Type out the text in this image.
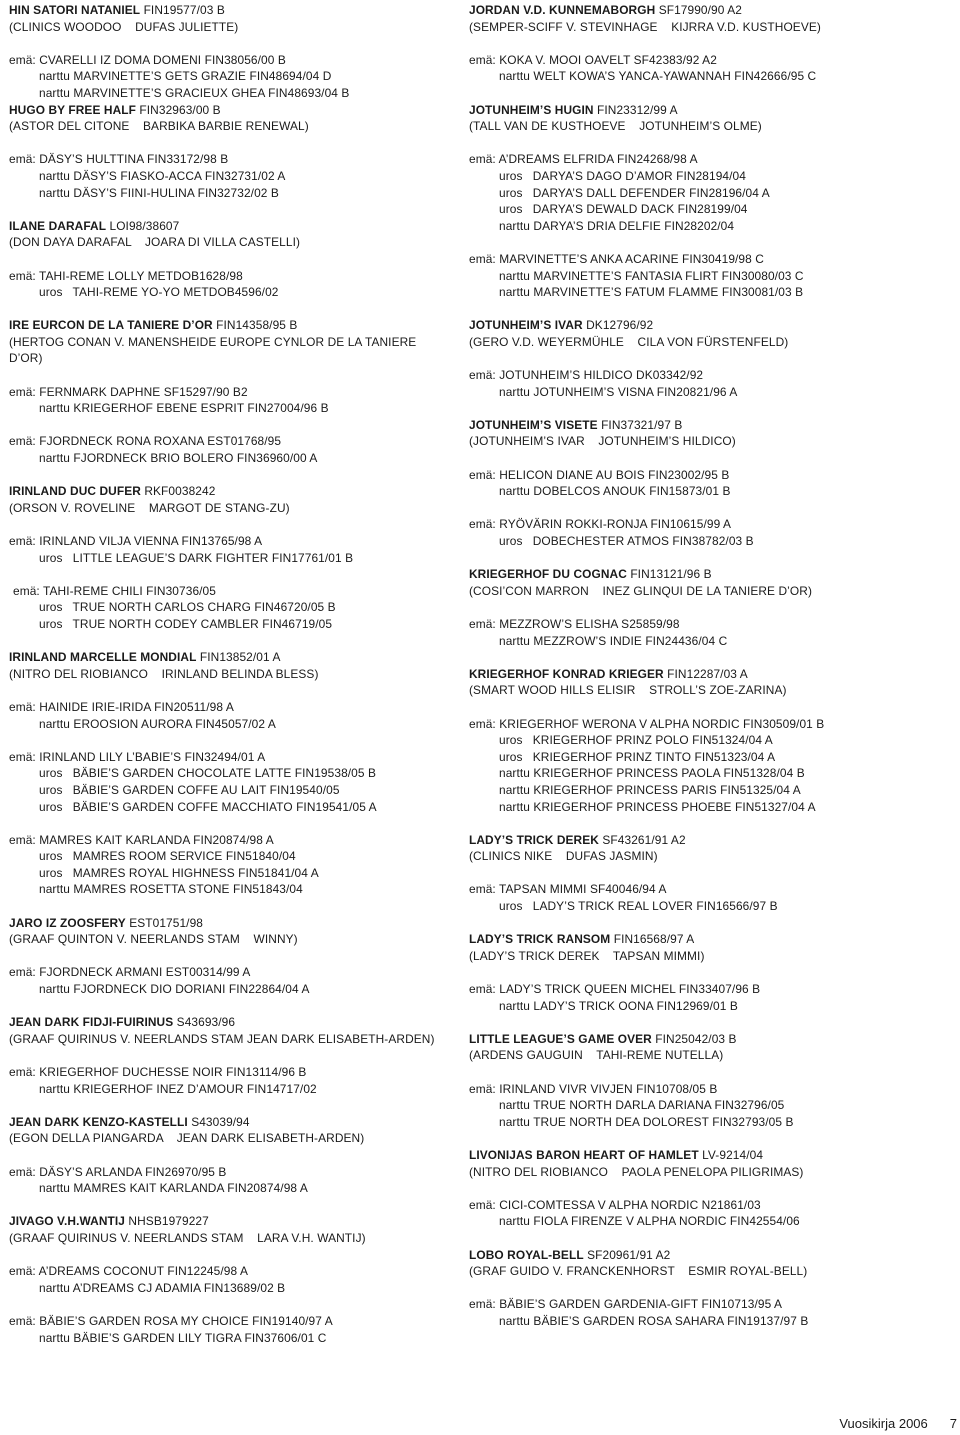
HIN SATORI NATANIEL FIN19577/03 B
(CLINICS WOODOO    DUFAS JULIETTE)

emä: CVARELLI IZ DOMA DOMENI FIN38056/00 B
narttu MARVINETTE’S GETS GRAZIE FIN48694/04 D
narttu MARVINETTE’S GRACIEUX GHEA FIN48693/04 B
HUGO BY FREE HALF FIN32963/00 B
(ASTOR DEL CITONE    BARBIKA BARBIE RENEWAL)

emä: DÄSY’S HULTTINA FIN33172/98 B
narttu DÄSY’S FIASKO-ACCA FIN32731/02 A
narttu DÄSY’S FIINI-HULINA FIN32732/02 B

ILANE DARAFAL LOI98/38607
(DON DAYA DARAFAL    JOARA DI VILLA CASTELLI)

emä: TAHI-REME LOLLY METDOB1628/98
uros   TAHI-REME YO-YO METDOB4596/02

IRE EURCON DE LA TANIERE D’OR FIN14358/95 B
(HERTOG CONAN V. MANENSHEIDE EUROPE CYNLOR DE LA TANIERE D’OR)

emä: FERNMARK DAPHNE SF15297/90 B2
narttu KRIEGERHOF EBENE ESPRIT FIN27004/96 B

emä: FJORDNECK RONA ROXANA EST01768/95
narttu FJORDNECK BRIO BOLERO FIN36960/00 A

IRINLAND DUC DUFER RKF0038242
(ORSON V. ROVELINE    MARGOT DE STANG-ZU)

emä: IRINLAND VILJA VIENNA FIN13765/98 A
uros   LITTLE LEAGUE’S DARK FIGHTER FIN17761/01 B

emä: TAHI-REME CHILI FIN30736/05
uros   TRUE NORTH CARLOS CHARG FIN46720/05 B
uros   TRUE NORTH CODEY CAMBLER FIN46719/05

IRINLAND MARCELLE MONDIAL FIN13852/01 A
(NITRO DEL RIOBIANCO    IRINLAND BELINDA BLESS)

emä: HAINIDE IRIE-IRIDA FIN20511/98 A
narttu EROOSION AURORA FIN45057/02 A

emä: IRINLAND LILY L’BABIE’S FIN32494/01 A
uros   BÄBIE’S GARDEN CHOCOLATE LATTE FIN19538/05 B
uros   BÄBIE’S GARDEN COFFE AU LAIT FIN19540/05
uros   BÄBIE’S GARDEN COFFE MACCHIATO FIN19541/05 A

emä: MAMRES KAIT KARLANDA FIN20874/98 A
uros   MAMRES ROOM SERVICE FIN51840/04
uros   MAMRES ROYAL HIGHNESS FIN51841/04 A
narttu MAMRES ROSETTA STONE FIN51843/04

JARO IZ ZOOSFERY EST01751/98
(GRAAF QUINTON V. NEERLANDS STAM    WINNY)

emä: FJORDNECK ARMANI EST00314/99 A
narttu FJORDNECK DIO DORIANI FIN22864/04 A

JEAN DARK FIDJI-FUIRINUS S43693/96
(GRAAF QUIRINUS V. NEERLANDS STAM JEAN DARK ELISABETH-ARDEN)

emä: KRIEGERHOF DUCHESSE NOIR FIN13114/96 B
narttu KRIEGERHOF INEZ D’AMOUR FIN14717/02

JEAN DARK KENZO-KASTELLI S43039/94
(EGON DELLA PIANGARDA    JEAN DARK ELISABETH-ARDEN)

emä: DÄSY’S ARLANDA FIN26970/95 B
narttu MAMRES KAIT KARLANDA FIN20874/98 A

JIVAGO V.H.WANTIJ NHSB1979227
(GRAAF QUIRINUS V. NEERLANDS STAM    LARA V.H. WANTIJ)

emä: A’DREAMS COCONUT FIN12245/98 A
narttu A’DREAMS CJ ADAMIA FIN13689/02 B

emä: BÄBIE’S GARDEN ROSA MY CHOICE FIN19140/97 A
narttu BÄBIE’S GARDEN LILY TIGRA FIN37606/01 C
JORDAN V.D. KUNNEMABORGH SF17990/90 A2
(SEMPER-SCIFF V. STEVINHAGE    KIJRRA V.D. KUSTHOEVE)

emä: KOKA V. MOOI OAVELT SF42383/92 A2
narttu WELT KOWA’S YANCA-YAWANNAH FIN42666/95 C

JOTUNHEIM’S HUGIN FIN23312/99 A
(TALL VAN DE KUSTHOEVE    JOTUNHEIM’S OLME)

emä: A’DREAMS ELFRIDA FIN24268/98 A
uros   DARYA’S DAGO D’AMOR FIN28194/04
uros   DARYA’S DALL DEFENDER FIN28196/04 A
uros   DARYA’S DEWALD DACK FIN28199/04
narttu DARYA’S DRIA DELFIE FIN28202/04

emä: MARVINETTE’S ANKA ACARINE FIN30419/98 C
narttu MARVINETTE’S FANTASIA FLIRT FIN30080/03 C
narttu MARVINETTE’S FATUM FLAMME FIN30081/03 B

JOTUNHEIM’S IVAR DK12796/92
(GERO V.D. WEYERMÜHLE    CILA VON FÜRSTENFELD)

emä: JOTUNHEIM’S HILDICO DK03342/92
narttu JOTUNHEIM’S VISNA FIN20821/96 A

JOTUNHEIM’S VISETE FIN37321/97 B
(JOTUNHEIM’S IVAR    JOTUNHEIM’S HILDICO)

emä: HELICON DIANE AU BOIS FIN23002/95 B
narttu DOBELCOS ANOUK FIN15873/01 B

emä: RYÖVÄRIN ROKKI-RONJA FIN10615/99 A
uros   DOBECHESTER ATMOS FIN38782/03 B

KRIEGERHOF DU COGNAC FIN13121/96 B
(COSI’CON MARRON    INEZ GLINQUI DE LA TANIERE D’OR)

emä: MEZZROW’S ELISHA S25859/98
narttu MEZZROW’S INDIE FIN24436/04 C

KRIEGERHOF KONRAD KRIEGER FIN12287/03 A
(SMART WOOD HILLS ELISIR    STROLL’S ZOE-ZARINA)

emä: KRIEGERHOF WERONA V ALPHA NORDIC FIN30509/01 B
uros   KRIEGERHOF PRINZ POLO FIN51324/04 A
uros   KRIEGERHOF PRINZ TINTO FIN51323/04 A
narttu KRIEGERHOF PRINCESS PAOLA FIN51328/04 B
narttu KRIEGERHOF PRINCESS PARIS FIN51325/04 A
narttu KRIEGERHOF PRINCESS PHOEBE FIN51327/04 A

LADY’S TRICK DEREK SF43261/91 A2
(CLINICS NIKE    DUFAS JASMIN)

emä: TAPSAN MIMMI SF40046/94 A
uros   LADY’S TRICK REAL LOVER FIN16566/97 B

LADY’S TRICK RANSOM FIN16568/97 A
(LADY’S TRICK DEREK    TAPSAN MIMMI)

emä: LADY’S TRICK QUEEN MICHEL FIN33407/96 B
narttu LADY’S TRICK OONA FIN12969/01 B

LITTLE LEAGUE’S GAME OVER FIN25042/03 B
(ARDENS GAUGUIN    TAHI-REME NUTELLA)

emä: IRINLAND VIVR VIVJEN FIN10708/05 B
narttu TRUE NORTH DARLA DARIANA FIN32796/05
narttu TRUE NORTH DEA DOLOREST FIN32793/05 B

LIVONIJAS BARON HEART OF HAMLET LV-9214/04
(NITRO DEL RIOBIANCO    PAOLA PENELOPA PILIGRIMAS)

emä: CICI-COMTESSA V ALPHA NORDIC N21861/03
narttu FIOLA FIRENZE V ALPHA NORDIC FIN42554/06

LOBO ROYAL-BELL SF20961/91 A2
(GRAF GUIDO V. FRANCKENHORST    ESMIR ROYAL-BELL)

emä: BÄBIE’S GARDEN GARDENIA-GIFT FIN10713/95 A
narttu BÄBIE’S GARDEN ROSA SAHARA FIN19137/97 B
Vuosikirja 2006 7
